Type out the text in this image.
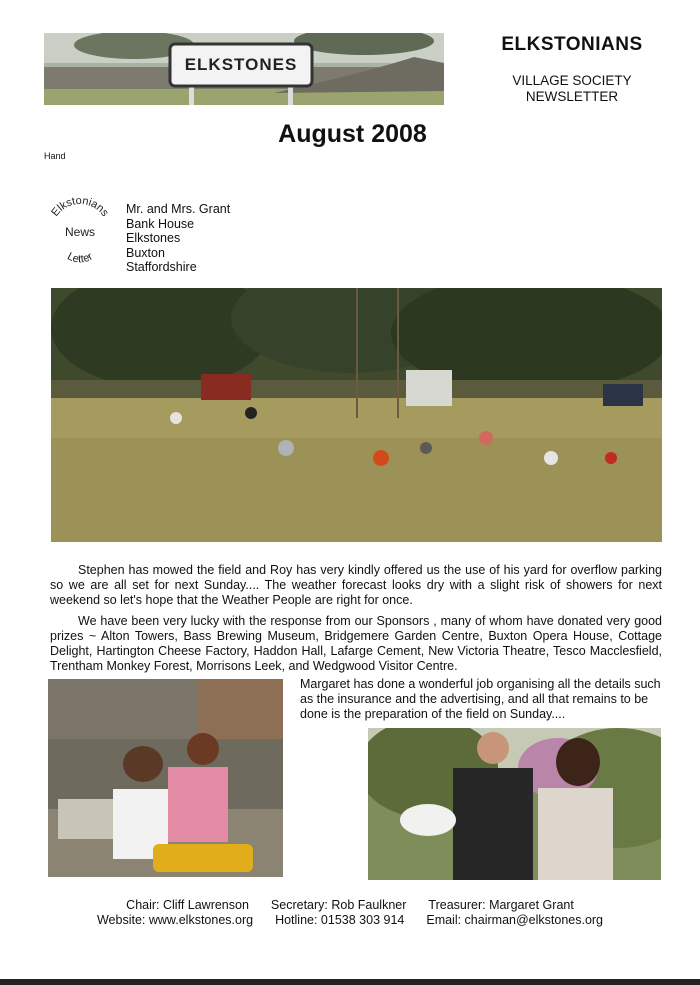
ELKSTONES
ELKSTONIANS
VILLAGE SOCIETY
NEWSLETTER
August 2008
Hand
Elkstonians
News
Letter
Mr. and Mrs. Grant
Bank House
Elkstones
Buxton
Staffordshire

Stephen has mowed the field and Roy has very kindly offered us the use of his yard for overflow parking so we are all set for next Sunday.... The weather forecast looks dry with a slight risk of showers for next weekend so let's hope that the Weather People are right for once.

We have been very lucky with the response from our Sponsors , many of whom have donated very good prizes ~ Alton Towers, Bass Brewing Museum, Bridgemere Garden Centre, Buxton Opera House, Cottage Delight, Hartington Cheese Factory, Haddon Hall, Lafarge Cement, New Victoria Theatre, Tesco Macclesfield, Trentham Monkey Forest, Morrisons Leek, and Wedgwood Visitor Centre.

Margaret has done a wonderful job organising all the details such as the insurance and the advertising, and all that remains to be done is the preparation of the field on Sunday....

Chair: Cliff Lawrenson Secretary: Rob Faulkner Treasurer: Margaret Grant
Website: www.elkstones.org Hotline: 01538 303 914 Email: chairman@elkstones.org
